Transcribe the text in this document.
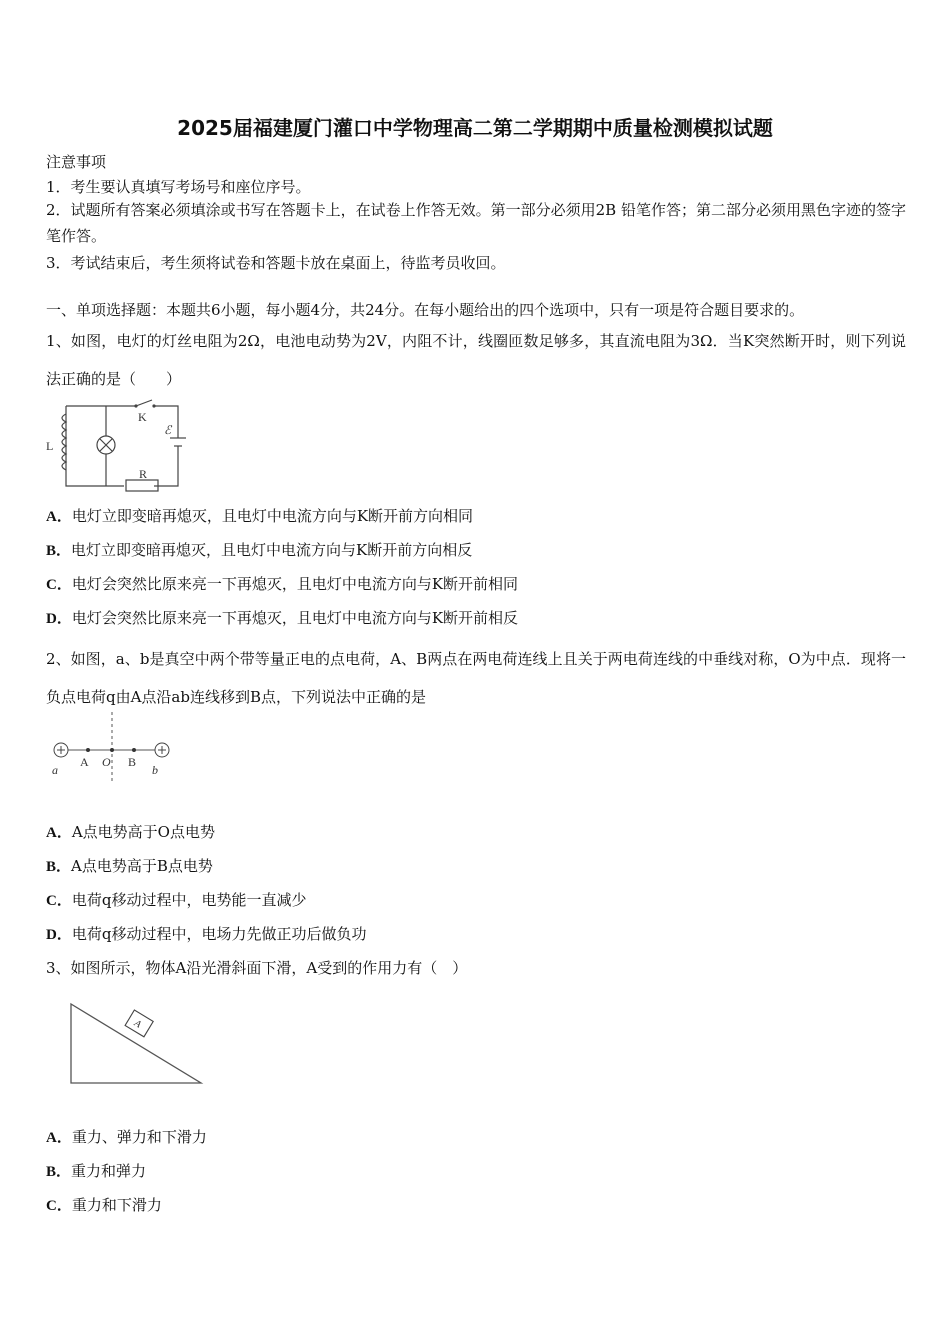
2025届福建厦门灌口中学物理高二第二学期期中质量检测模拟试题
注意事项
1．考生要认真填写考场号和座位序号。
2．试题所有答案必须填涂或书写在答题卡上，在试卷上作答无效。第一部分必须用2B 铅笔作答；第二部分必须用黑色字迹的签字笔作答。
3．考试结束后，考生须将试卷和答题卡放在桌面上，待监考员收回。
一、单项选择题：本题共6小题，每小题4分，共24分。在每小题给出的四个选项中，只有一项是符合题目要求的。
1、如图，电灯的灯丝电阻为2Ω，电池电动势为2V，内阻不计，线圈匝数足够多，其直流电阻为3Ω．当K突然断开时，则下列说法正确的是（　　）
L
K
ℰ
R
A．电灯立即变暗再熄灭，且电灯中电流方向与K断开前方向相同
B．电灯立即变暗再熄灭，且电灯中电流方向与K断开前方向相反
C．电灯会突然比原来亮一下再熄灭，且电灯中电流方向与K断开前相同
D．电灯会突然比原来亮一下再熄灭，且电灯中电流方向与K断开前相反
2、如图，a、b是真空中两个带等量正电的点电荷，A、B两点在两电荷连线上且关于两电荷连线的中垂线对称，O为中点．现将一负点电荷q由A点沿ab连线移到B点，下列说法中正确的是
a
A O B
b
A．A点电势高于O点电势
B．A点电势高于B点电势
C．电荷q移动过程中，电势能一直减少
D．电荷q移动过程中，电场力先做正功后做负功
3、如图所示，物体A沿光滑斜面下滑，A受到的作用力有（　）
A
A．重力、弹力和下滑力
B．重力和弹力
C．重力和下滑力
